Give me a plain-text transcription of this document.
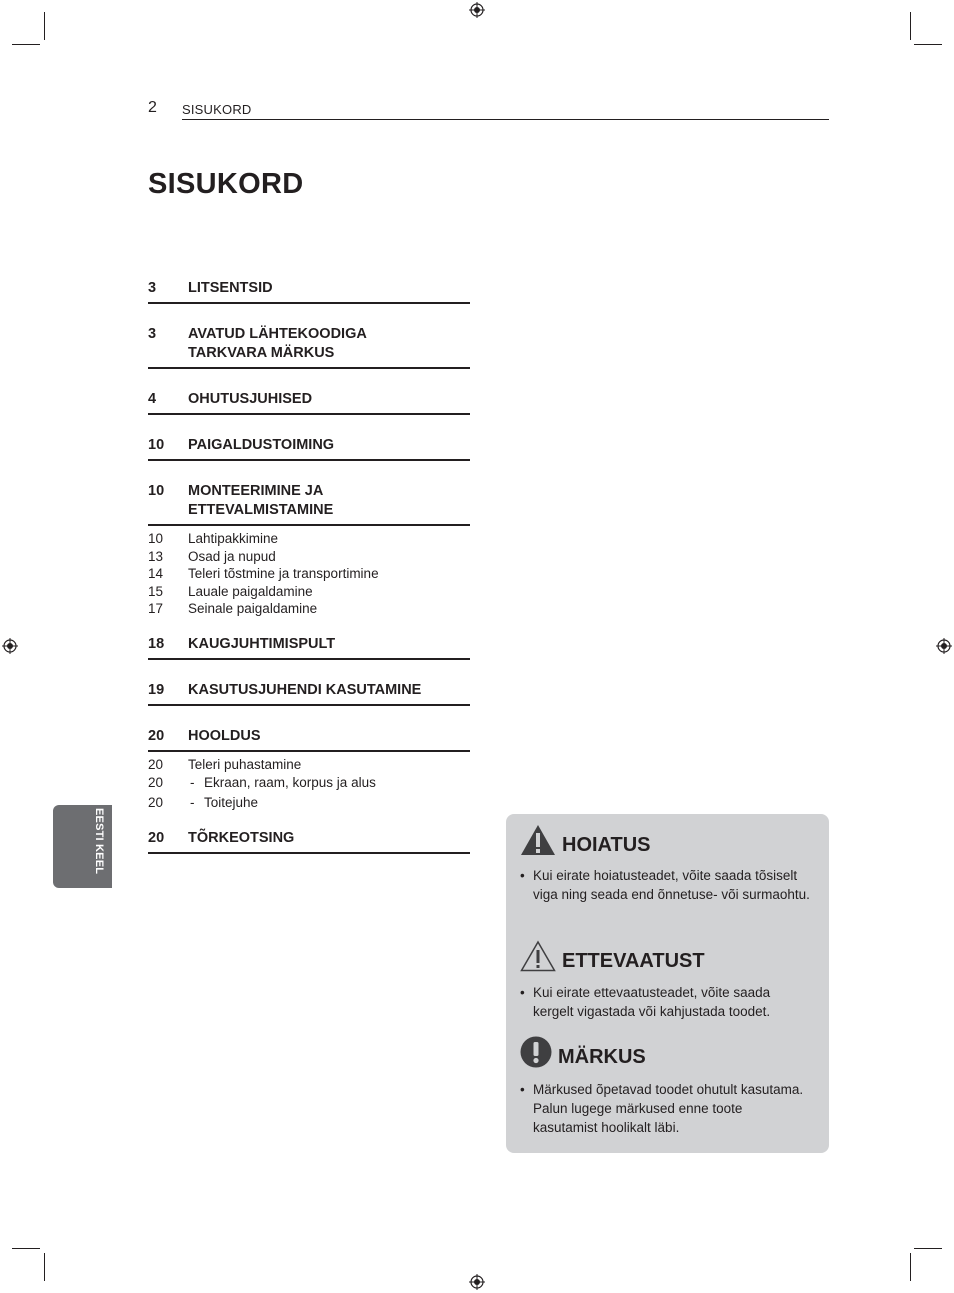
2 SISUKORD
SISUKORD
3	LITSENTSID
3	AVATUD LÄHTEKOODIGA
TARKVARA MÄRKUS
4	OHUTUSJUHISED
10	PAIGALDUSTOIMING
10	MONTEERIMINE JA
ETTEVALMISTAMINE
10	Lahtipakkimine
13	Osad ja nupud
14	Teleri tõstmine ja transportimine
15	Lauale paigaldamine
17	Seinale paigaldamine
18	KAUGJUHTIMISPULT
19	KASUTUSJUHENDI KASUTAMINE
20	HOOLDUS
20	Teleri puhastamine
20	- Ekraan, raam, korpus ja alus
20	- Toitejuhe
20	TÕRKEOTSING
EESTI KEEL	HOIATUS
• Kui eirate hoiatusteadet, võite saada tõsiselt viga ning seada end õnnetuse- või surmaohtu.
ETTEVAATUST
• Kui eirate ettevaatusteadet, võite saada kergelt vigastada või kahjustada toodet.
MÄRKUS
• Märkused õpetavad toodet ohutult kasutama. Palun lugege märkused enne toote kasutamist hoolikalt läbi.
